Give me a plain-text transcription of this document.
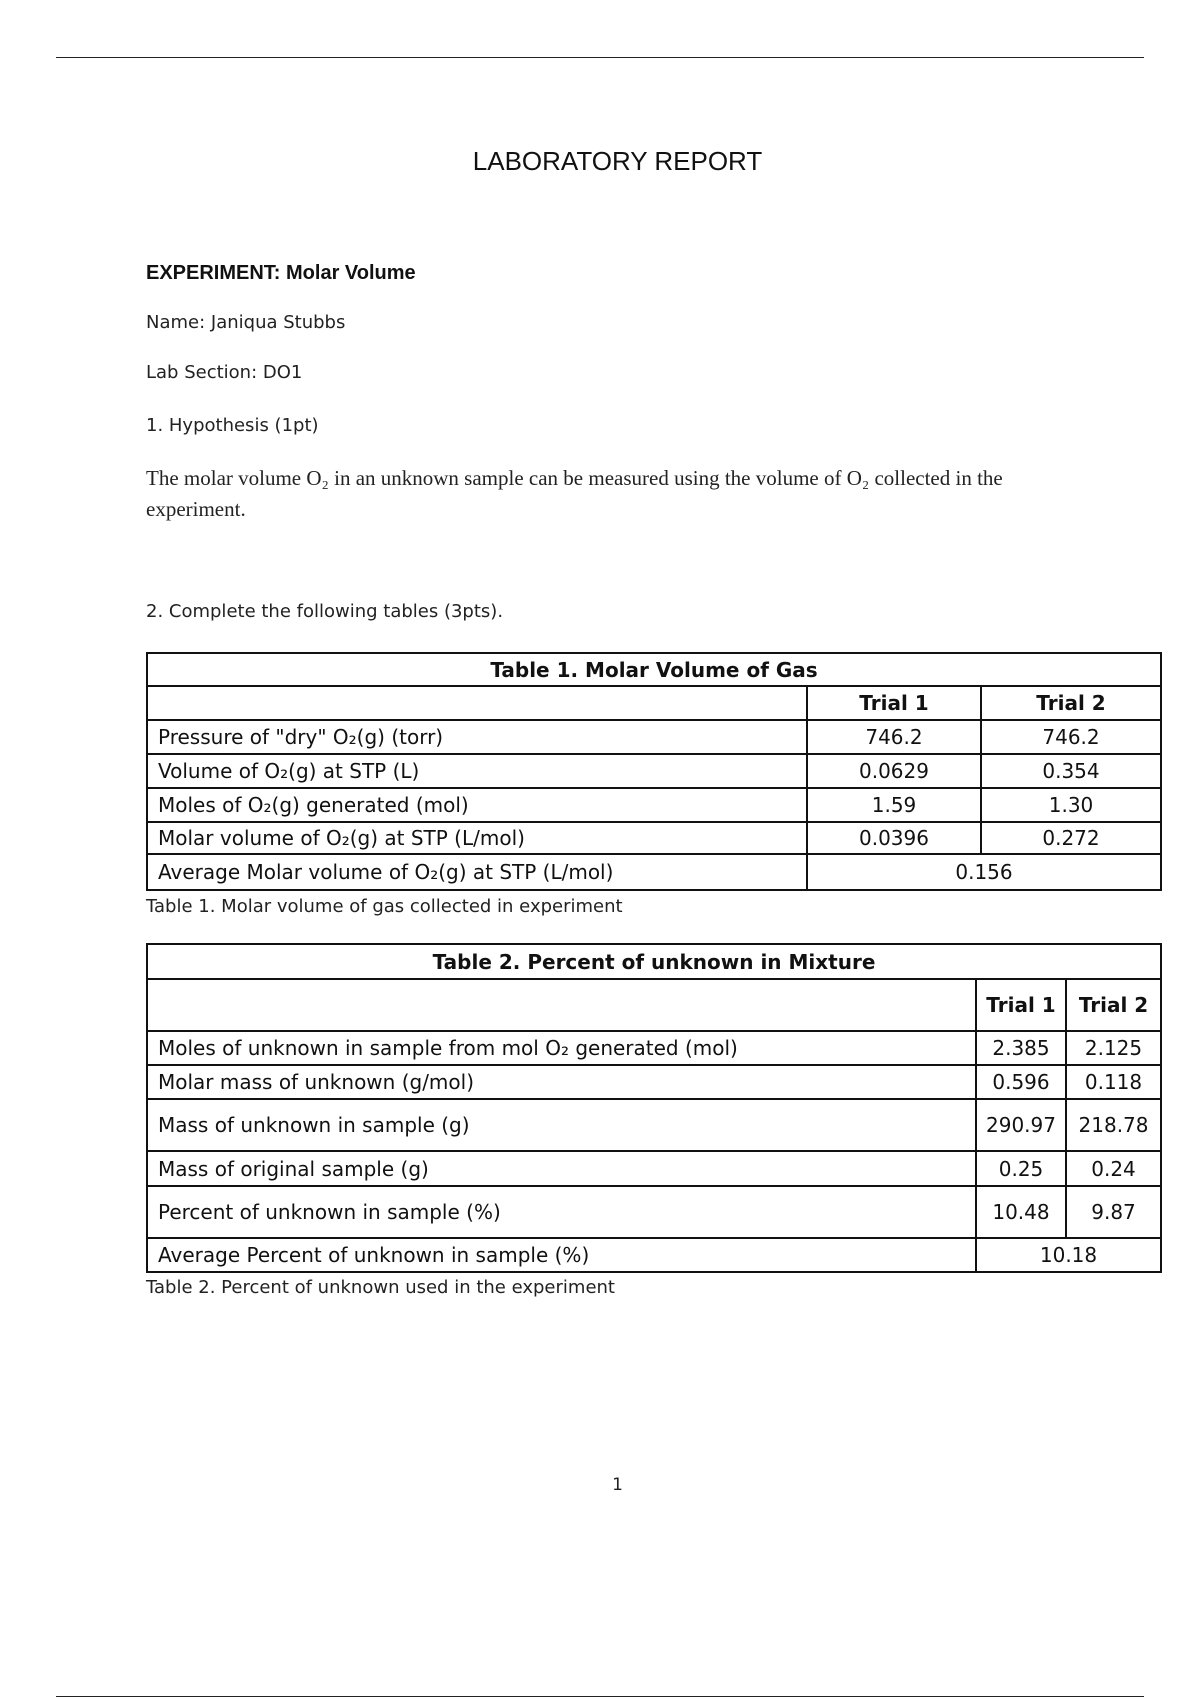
LABORATORY REPORT
EXPERIMENT: Molar Volume
Name: Janiqua Stubbs
Lab Section: DO1
1. Hypothesis (1pt)
The molar volume O₂ in an unknown sample can be measured using the volume of O₂ collected in the experiment.
2. Complete the following tables (3pts).
Table 1. Molar Volume of Gas		
	Trial 1	Trial 2
Pressure of "dry" O₂(g) (torr)	746.2	746.2
Volume of O₂(g) at STP (L)	0.0629	0.354
Moles of O₂(g) generated (mol)	1.59	1.30
Molar volume of O₂(g) at STP (L/mol)	0.0396	0.272
Average Molar volume of O₂(g) at STP (L/mol)	0.156	
Table 1. Molar volume of gas collected in experiment
Table 2. Percent of unknown in Mixture		
	Trial 1	Trial 2
Moles of unknown in sample from mol O₂ generated (mol)	2.385	2.125
Molar mass of unknown (g/mol)	0.596	0.118
Mass of unknown in sample (g)	290.97	218.78
Mass of original sample (g)	0.25	0.24
Percent of unknown in sample (%)	10.48	9.87
Average Percent of unknown in sample (%)	10.18	
Table 2. Percent of unknown used in the experiment
1
